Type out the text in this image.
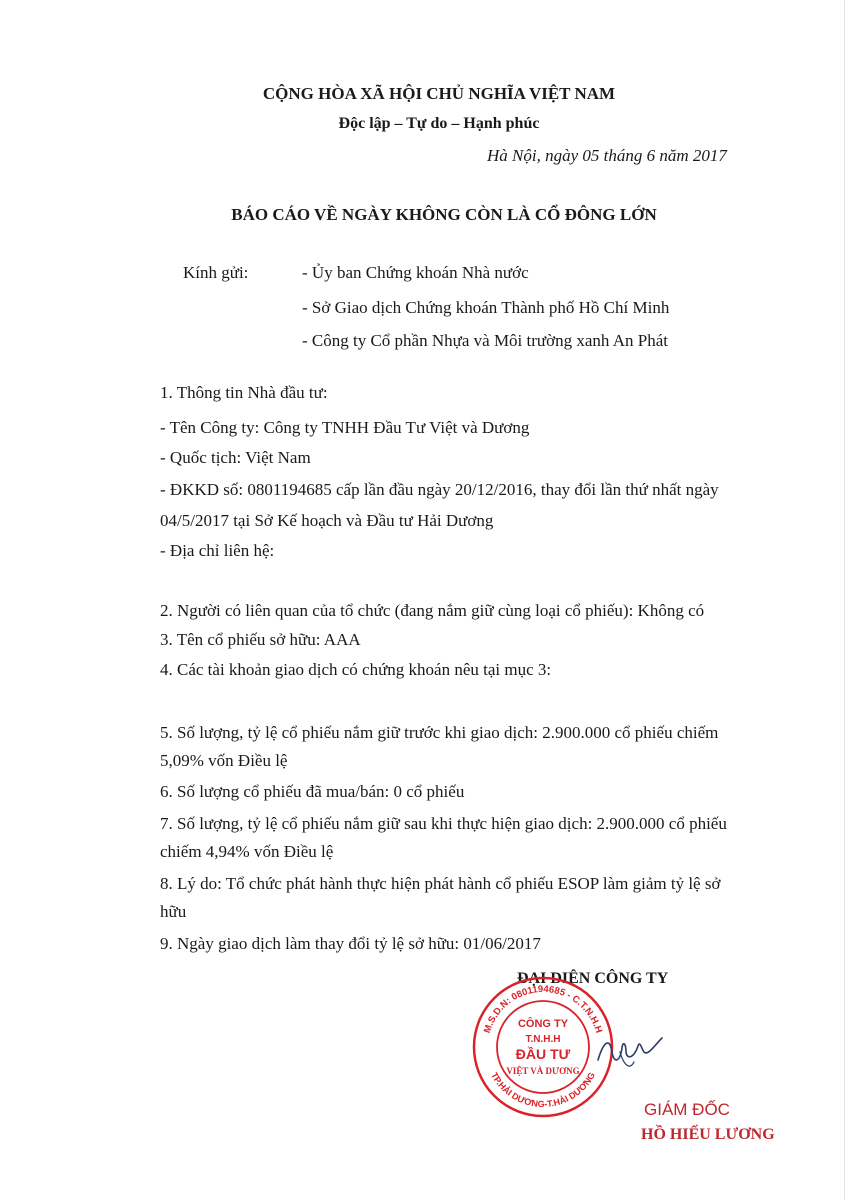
CỘNG HÒA XÃ HỘI CHỦ NGHĨA VIỆT NAM
Độc lập – Tự do – Hạnh phúc
Hà Nội, ngày 05 tháng 6 năm 2017
BÁO CÁO VỀ NGÀY KHÔNG CÒN LÀ CỔ ĐÔNG LỚN
Kính gửi:	- Ủy ban Chứng khoán Nhà nước
- Sở Giao dịch Chứng khoán Thành phố Hồ Chí Minh
- Công ty Cổ phần Nhựa và Môi trường xanh An Phát
1. Thông tin Nhà đầu tư:
- Tên Công ty: Công ty TNHH Đầu Tư Việt và Dương
- Quốc tịch: Việt Nam
- ĐKKD số: 0801194685 cấp lần đầu ngày 20/12/2016, thay đổi lần thứ nhất ngày
04/5/2017 tại Sở Kế hoạch và Đầu tư Hải Dương
- Địa chỉ liên hệ:
2. Người có liên quan của tổ chức (đang nắm giữ cùng loại cổ phiếu): Không có
3. Tên cổ phiếu sở hữu: AAA
4. Các tài khoản giao dịch có chứng khoán nêu tại mục 3:
5. Số lượng, tỷ lệ cổ phiếu nắm giữ trước khi giao dịch: 2.900.000 cổ phiếu chiếm
5,09% vốn Điều lệ
6. Số lượng cổ phiếu đã mua/bán: 0 cổ phiếu
7. Số lượng, tỷ lệ cổ phiếu nắm giữ sau khi thực hiện giao dịch: 2.900.000 cổ phiếu
chiếm 4,94% vốn Điều lệ
8. Lý do: Tổ chức phát hành thực hiện phát hành cổ phiếu ESOP làm giảm tỷ lệ sở
hữu
9. Ngày giao dịch làm thay đổi tỷ lệ sở hữu: 01/06/2017
ĐẠI DIỆN CÔNG TY
M.S.D.N: 0801194685 - C.T.N.H.H
TP.HẢI DƯƠNG-T.HẢI DƯƠNG
CÔNG TY
T.N.H.H
ĐẦU TƯ
VIỆT VÀ DƯƠNG
GIÁM ĐỐC
HỒ HIẾU LƯƠNG
